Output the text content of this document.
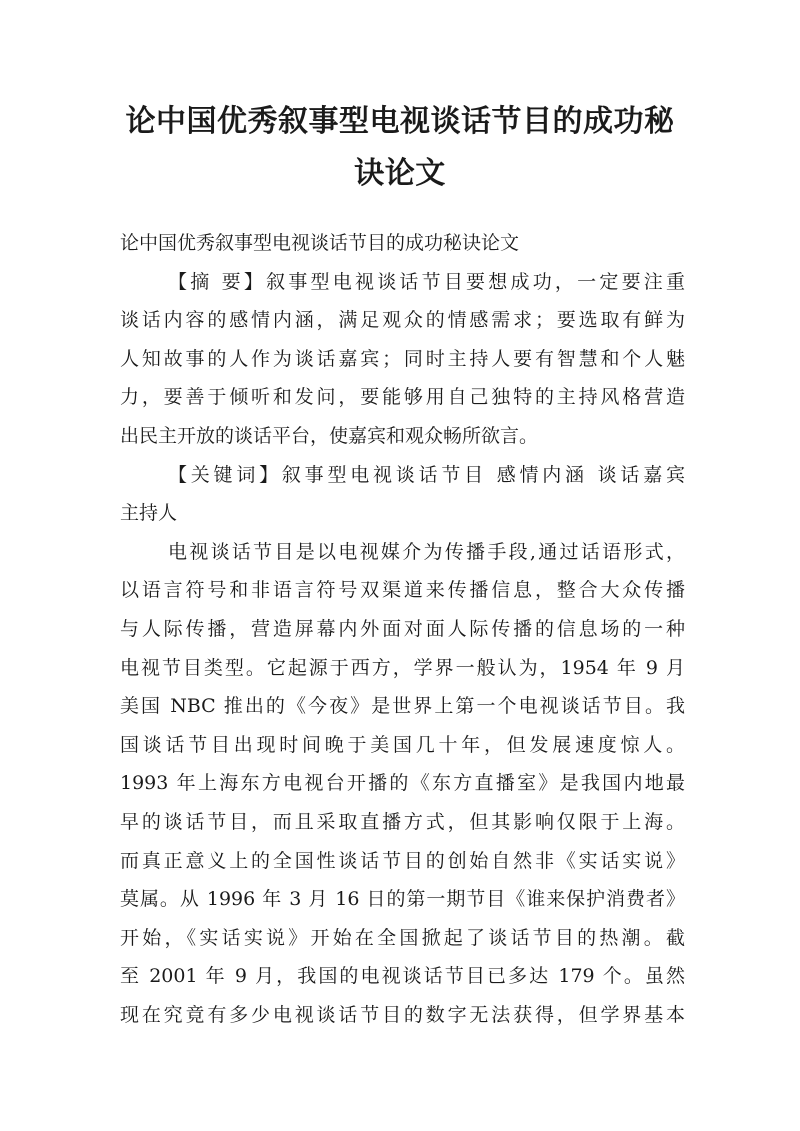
论中国优秀叙事型电视谈话节目的成功秘
诀论文
论中国优秀叙事型电视谈话节目的成功秘诀论文
【摘 要】叙事型电视谈话节目要想成功，一定要注重
谈话内容的感情内涵，满足观众的情感需求；要选取有鲜为
人知故事的人作为谈话嘉宾；同时主持人要有智慧和个人魅
力，要善于倾听和发问，要能够用自己独特的主持风格营造
出民主开放的谈话平台，使嘉宾和观众畅所欲言。
【关键词】叙事型电视谈话节目 感情内涵 谈话嘉宾
主持人
电视谈话节目是以电视媒介为传播手段,通过话语形式，
以语言符号和非语言符号双渠道来传播信息，整合大众传播
与人际传播，营造屏幕内外面对面人际传播的信息场的一种
电视节目类型。它起源于西方，学界一般认为，1954 年 9 月
美国 NBC 推出的《今夜》是世界上第一个电视谈话节目。我
国谈话节目出现时间晚于美国几十年，但发展速度惊人。
1993 年上海东方电视台开播的《东方直播室》是我国内地最
早的谈话节目，而且采取直播方式，但其影响仅限于上海。
而真正意义上的全国性谈话节目的创始自然非《实话实说》
莫属。从 1996 年 3 月 16 日的第一期节目《谁来保护消费者》
开始，《实话实说》开始在全国掀起了谈话节目的热潮。截
至 2001 年 9 月，我国的电视谈话节目已多达 179 个。虽然
现在究竟有多少电视谈话节目的数字无法获得，但学界基本
